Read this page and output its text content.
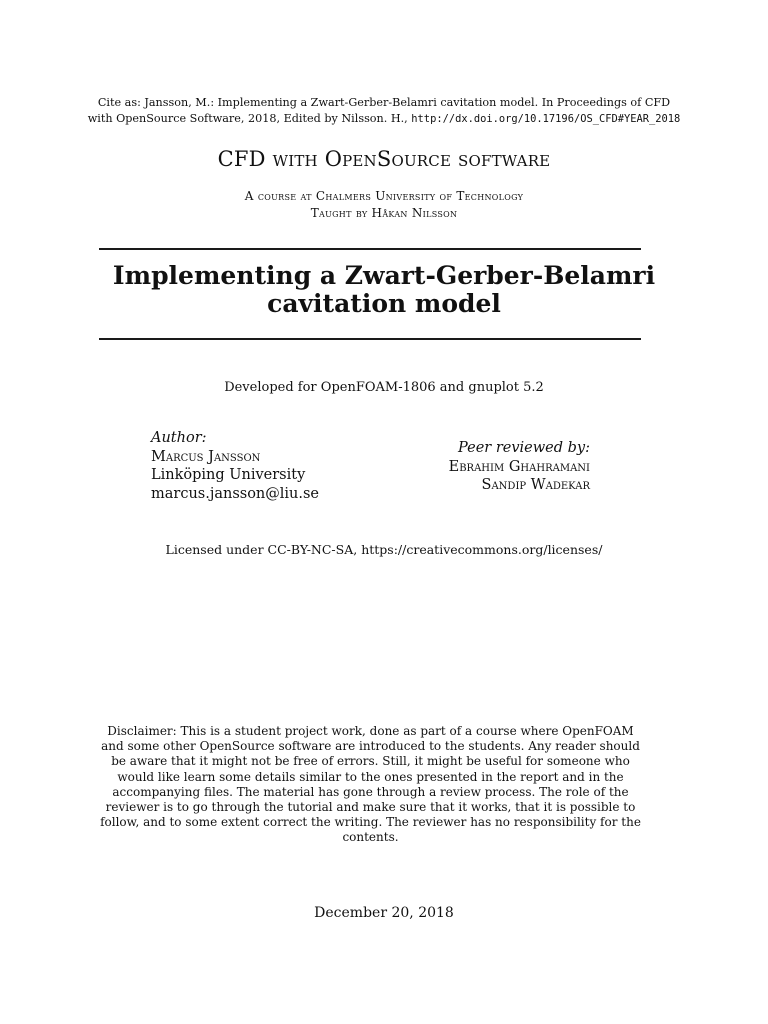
Cite as: Jansson, M.: Implementing a Zwart-Gerber-Belamri cavitation model. In Proceedings of CFD
with OpenSource Software, 2018, Edited by Nilsson. H., http://dx.doi.org/10.17196/OS_CFD#YEAR_2018
CFD with OpenSource software
A course at Chalmers University of Technology
Taught by Håkan Nilsson
Implementing a Zwart-Gerber-Belamri
cavitation model
Developed for OpenFOAM-1806 and gnuplot 5.2
Author:
Marcus Jansson
Linköping University
marcus.jansson@liu.se
Peer reviewed by:
Ebrahim Ghahramani
Sandip Wadekar
Licensed under CC-BY-NC-SA, https://creativecommons.org/licenses/
Disclaimer: This is a student project work, done as part of a course where OpenFOAM and some other OpenSource software are introduced to the students. Any reader should be aware that it might not be free of errors. Still, it might be useful for someone who would like learn some details similar to the ones presented in the report and in the accompanying files. The material has gone through a review process. The role of the reviewer is to go through the tutorial and make sure that it works, that it is possible to follow, and to some extent correct the writing. The reviewer has no responsibility for the contents.
December 20, 2018
